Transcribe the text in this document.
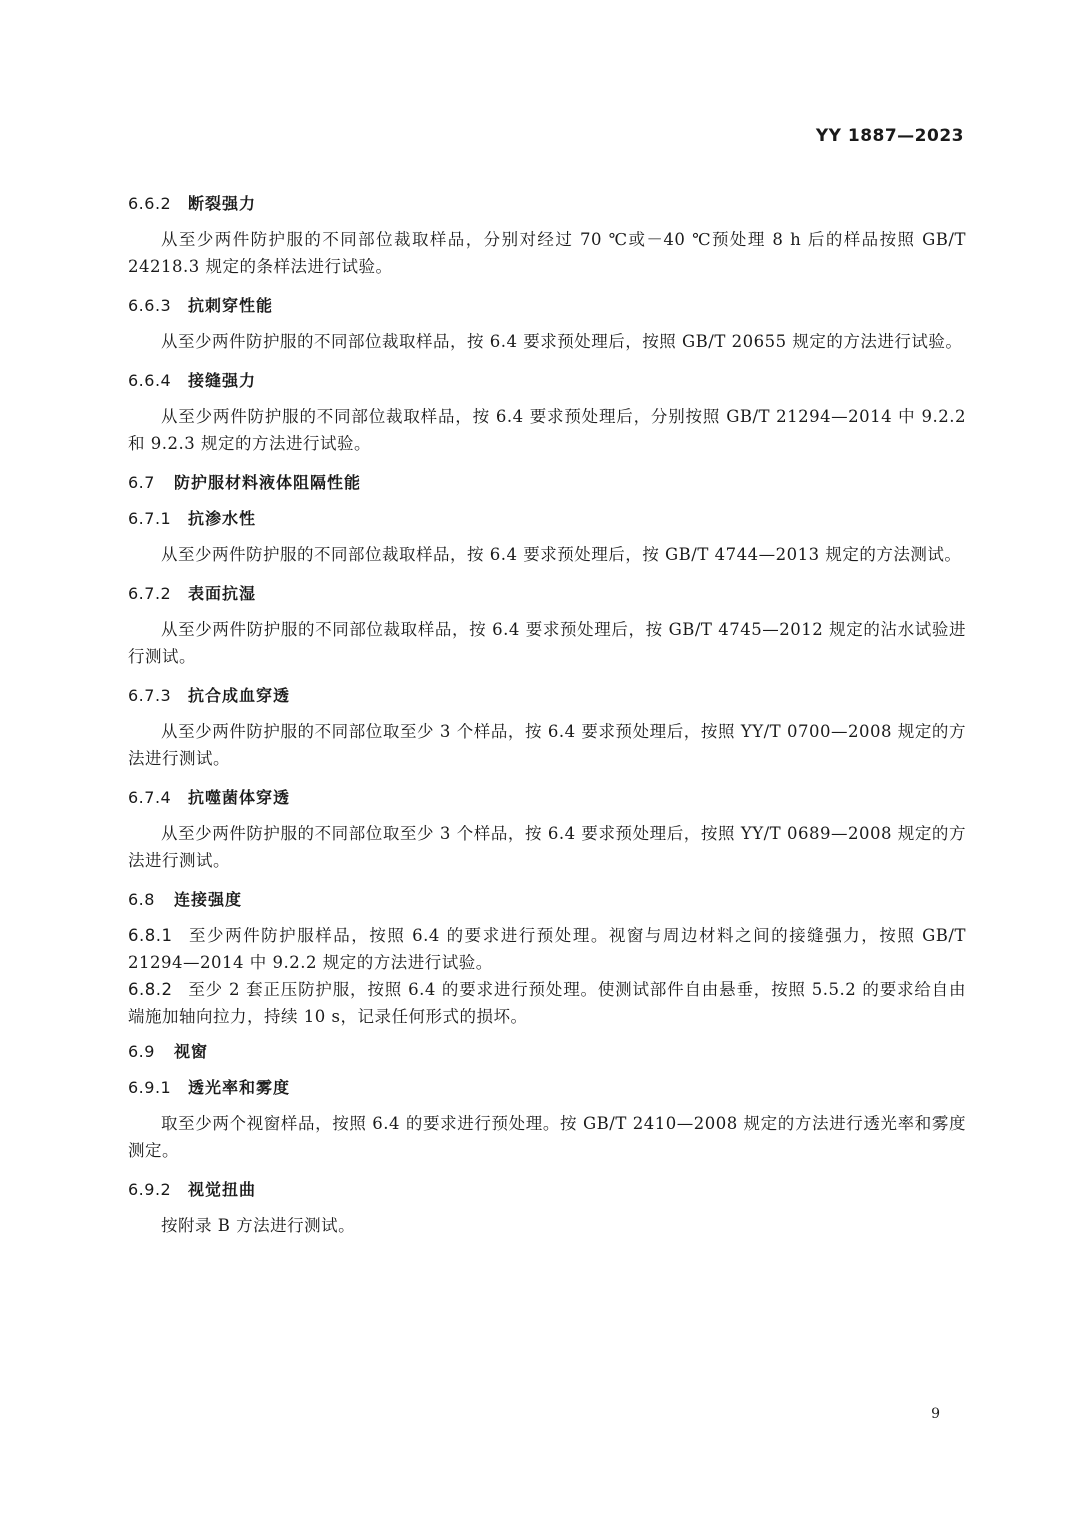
YY 1887—2023
6.6.2 断裂强力

从至少两件防护服的不同部位裁取样品，分别对经过 70 ℃或－40 ℃预处理 8 h 后的样品按照 GB/T 24218.3 规定的条样法进行试验。

6.6.3 抗刺穿性能

从至少两件防护服的不同部位裁取样品，按 6.4 要求预处理后，按照 GB/T 20655 规定的方法进行试验。

6.6.4 接缝强力

从至少两件防护服的不同部位裁取样品，按 6.4 要求预处理后，分别按照 GB/T 21294—2014 中 9.2.2 和 9.2.3 规定的方法进行试验。

6.7 防护服材料液体阻隔性能
6.7.1 抗渗水性

从至少两件防护服的不同部位裁取样品，按 6.4 要求预处理后，按 GB/T 4744—2013 规定的方法测试。

6.7.2 表面抗湿

从至少两件防护服的不同部位裁取样品，按 6.4 要求预处理后，按 GB/T 4745—2012 规定的沾水试验进行测试。

6.7.3 抗合成血穿透

从至少两件防护服的不同部位取至少 3 个样品，按 6.4 要求预处理后，按照 YY/T 0700—2008 规定的方法进行测试。

6.7.4 抗噬菌体穿透

从至少两件防护服的不同部位取至少 3 个样品，按 6.4 要求预处理后，按照 YY/T 0689—2008 规定的方法进行测试。

6.8 连接强度

6.8.1 至少两件防护服样品，按照 6.4 的要求进行预处理。视窗与周边材料之间的接缝强力，按照 GB/T 21294—2014 中 9.2.2 规定的方法进行试验。

6.8.2 至少 2 套正压防护服，按照 6.4 的要求进行预处理。使测试部件自由悬垂，按照 5.5.2 的要求给自由端施加轴向拉力，持续 10 s，记录任何形式的损坏。

6.9 视窗
6.9.1 透光率和雾度

取至少两个视窗样品，按照 6.4 的要求进行预处理。按 GB/T 2410—2008 规定的方法进行透光率和雾度测定。

6.9.2 视觉扭曲

按附录 B 方法进行测试。

9
